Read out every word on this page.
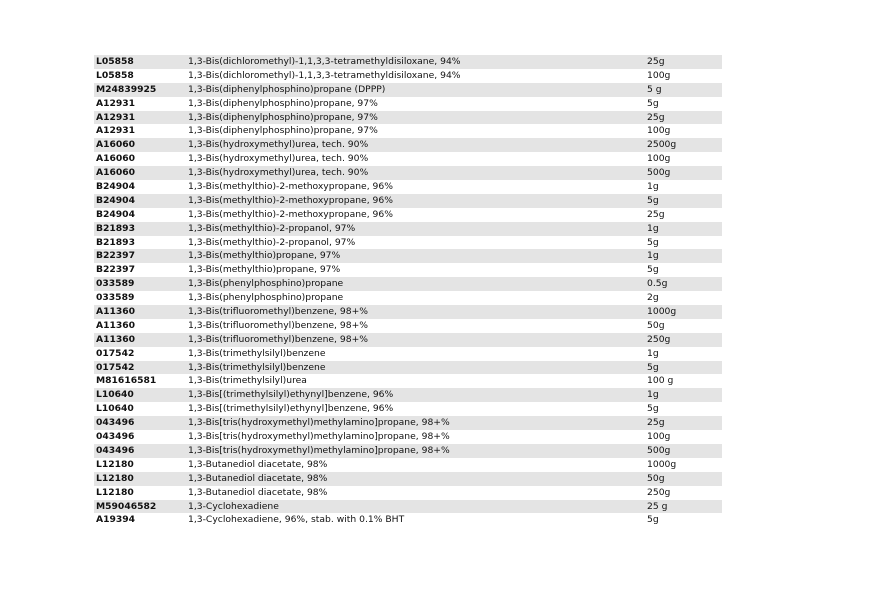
L05858	1,3-Bis(dichloromethyl)-1,1,3,3-tetramethyldisiloxane, 94%	25g
L05858	1,3-Bis(dichloromethyl)-1,1,3,3-tetramethyldisiloxane, 94%	100g
M24839925	1,3-Bis(diphenylphosphino)propane (DPPP)	5 g
A12931	1,3-Bis(diphenylphosphino)propane, 97%	5g
A12931	1,3-Bis(diphenylphosphino)propane, 97%	25g
A12931	1,3-Bis(diphenylphosphino)propane, 97%	100g
A16060	1,3-Bis(hydroxymethyl)urea, tech. 90%	2500g
A16060	1,3-Bis(hydroxymethyl)urea, tech. 90%	100g
A16060	1,3-Bis(hydroxymethyl)urea, tech. 90%	500g
B24904	1,3-Bis(methylthio)-2-methoxypropane, 96%	1g
B24904	1,3-Bis(methylthio)-2-methoxypropane, 96%	5g
B24904	1,3-Bis(methylthio)-2-methoxypropane, 96%	25g
B21893	1,3-Bis(methylthio)-2-propanol, 97%	1g
B21893	1,3-Bis(methylthio)-2-propanol, 97%	5g
B22397	1,3-Bis(methylthio)propane, 97%	1g
B22397	1,3-Bis(methylthio)propane, 97%	5g
033589	1,3-Bis(phenylphosphino)propane	0.5g
033589	1,3-Bis(phenylphosphino)propane	2g
A11360	1,3-Bis(trifluoromethyl)benzene, 98+%	1000g
A11360	1,3-Bis(trifluoromethyl)benzene, 98+%	50g
A11360	1,3-Bis(trifluoromethyl)benzene, 98+%	250g
017542	1,3-Bis(trimethylsilyl)benzene	1g
017542	1,3-Bis(trimethylsilyl)benzene	5g
M81616581	1,3-Bis(trimethylsilyl)urea	100 g
L10640	1,3-Bis[(trimethylsilyl)ethynyl]benzene, 96%	1g
L10640	1,3-Bis[(trimethylsilyl)ethynyl]benzene, 96%	5g
043496	1,3-Bis[tris(hydroxymethyl)methylamino]propane, 98+%	25g
043496	1,3-Bis[tris(hydroxymethyl)methylamino]propane, 98+%	100g
043496	1,3-Bis[tris(hydroxymethyl)methylamino]propane, 98+%	500g
L12180	1,3-Butanediol diacetate, 98%	1000g
L12180	1,3-Butanediol diacetate, 98%	50g
L12180	1,3-Butanediol diacetate, 98%	250g
M59046582	1,3-Cyclohexadiene	25 g
A19394	1,3-Cyclohexadiene, 96%, stab. with 0.1% BHT	5g
